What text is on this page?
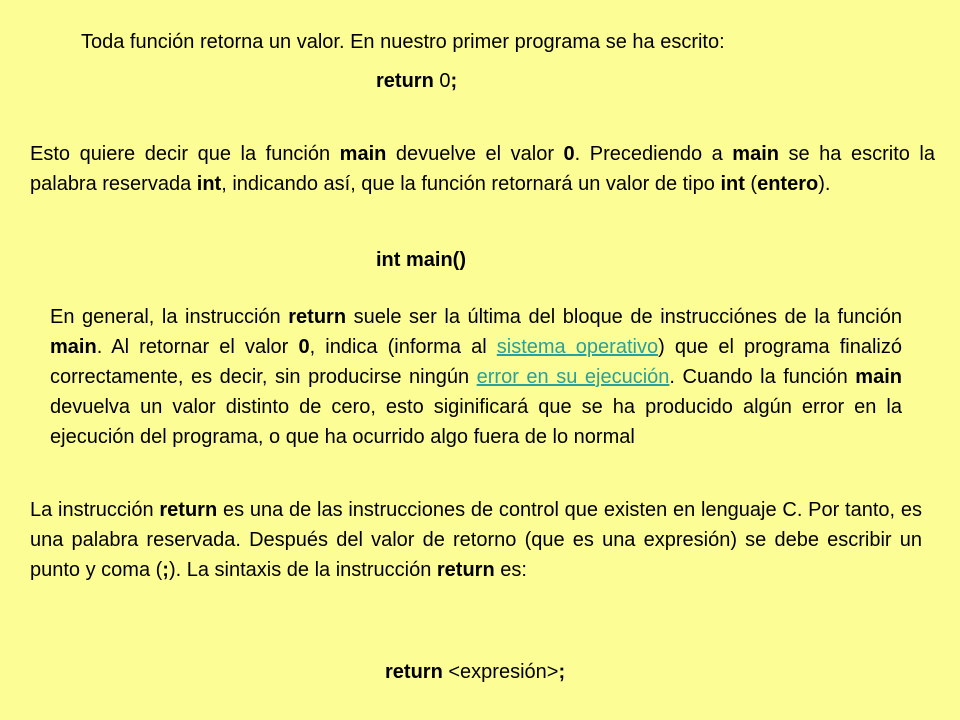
Toda función retorna un valor. En nuestro primer programa se ha escrito:

return 0;

Esto quiere decir que la función main devuelve el valor 0. Precediendo a main se ha escrito la palabra reservada int, indicando así, que la función retornará un valor de tipo int (entero).

int main()

En general, la instrucción return suele ser la última del bloque de instrucciónes de la función main. Al retornar el valor 0, indica (informa al sistema operativo) que el programa finalizó correctamente, es decir, sin producirse ningún error en su ejecución. Cuando la función main devuelva un valor distinto de cero, esto siginificará que se ha producido algún error en la ejecución del programa, o que ha ocurrido algo fuera de lo normal

La instrucción return es una de las instrucciones de control que existen en lenguaje C. Por tanto, es una palabra reservada. Después del valor de retorno (que es una expresión) se debe escribir un punto y coma (;). La sintaxis de la instrucción return es:

return <expresión>;
